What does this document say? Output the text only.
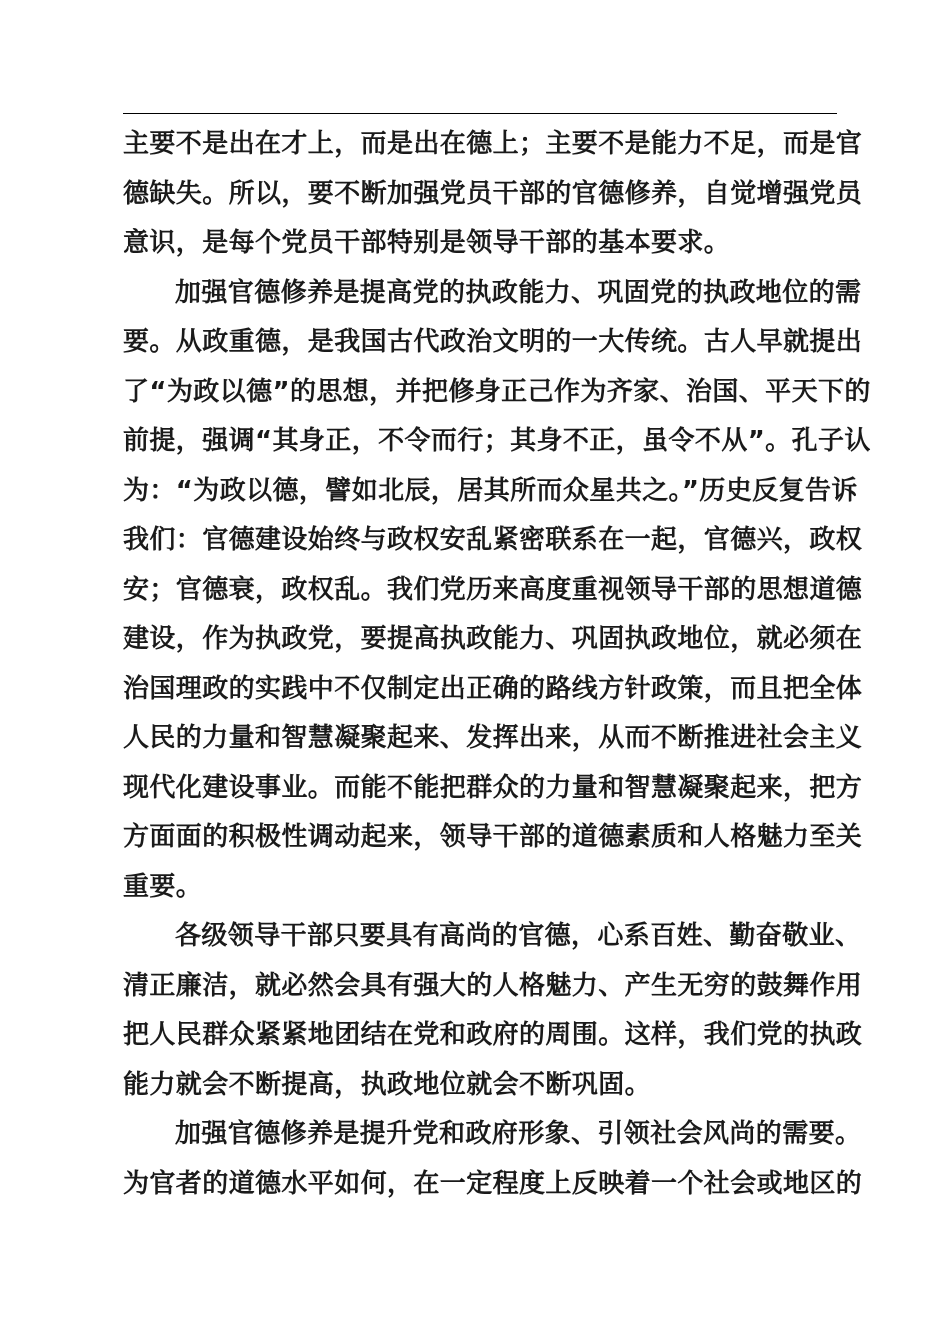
主要不是出在才上，而是出在德上；主要不是能力不足，而是官
德缺失。所以，要不断加强党员干部的官德修养，自觉增强党员
意识，是每个党员干部特别是领导干部的基本要求。
加强官德修养是提高党的执政能力、巩固党的执政地位的需
要。从政重德，是我国古代政治文明的一大传统。古人早就提出
了“为政以德”的思想，并把修身正己作为齐家、治国、平天下的
前提，强调“其身正，不令而行；其身不正，虽令不从”。孔子认
为：“为政以德，譬如北辰，居其所而众星共之。”历史反复告诉
我们：官德建设始终与政权安乱紧密联系在一起，官德兴，政权
安；官德衰，政权乱。我们党历来高度重视领导干部的思想道德
建设，作为执政党，要提高执政能力、巩固执政地位，就必须在
治国理政的实践中不仅制定出正确的路线方针政策，而且把全体
人民的力量和智慧凝聚起来、发挥出来，从而不断推进社会主义
现代化建设事业。而能不能把群众的力量和智慧凝聚起来，把方
方面面的积极性调动起来，领导干部的道德素质和人格魅力至关
重要。
各级领导干部只要具有高尚的官德，心系百姓、勤奋敬业、
清正廉洁，就必然会具有强大的人格魅力、产生无穷的鼓舞作用
把人民群众紧紧地团结在党和政府的周围。这样，我们党的执政
能力就会不断提高，执政地位就会不断巩固。
加强官德修养是提升党和政府形象、引领社会风尚的需要。
为官者的道德水平如何，在一定程度上反映着一个社会或地区的
